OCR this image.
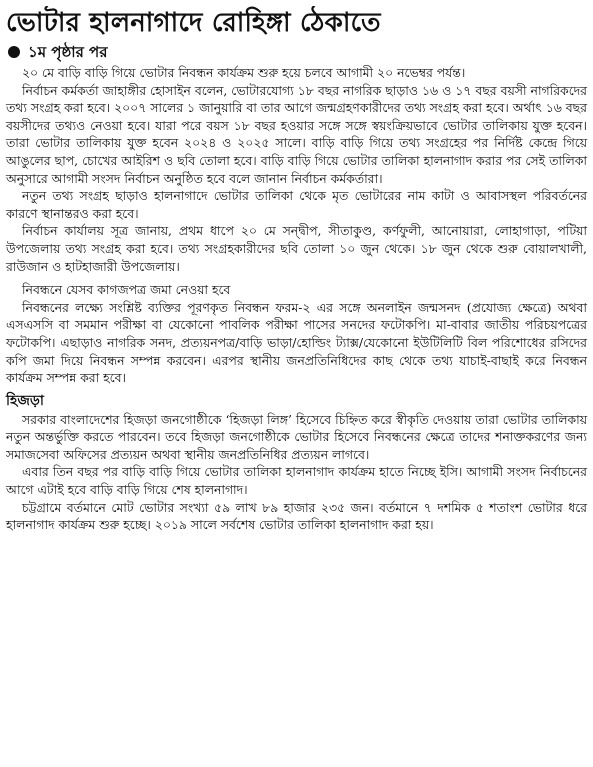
ভোটার হালনাগাদে রোহিঙ্গা ঠেকাতে
১ম পৃষ্ঠার পর

২০ মে বাড়ি বাড়ি গিয়ে ভোটার নিবন্ধন কার্যক্রম শুরু হয়ে চলবে আগামী ২০ নভেম্বর পর্যন্ত।

নির্বাচন কর্মকর্তা জাহাঙ্গীর হোসাইন বলেন, ভোটারযোগ্য ১৮ বছর নাগরিক ছাড়াও ১৬ ও ১৭ বছর বয়সী নাগরিকদের তথ্য সংগ্রহ করা হবে। ২০০৭ সালের ১ জানুয়ারি বা তার আগে জন্মগ্রহণকারীদের তথ্য সংগ্রহ করা হবে। অর্থাৎ ১৬ বছর বয়সীদের তথ্যও নেওয়া হবে। যারা পরে বয়স ১৮ বছর হওয়ার সঙ্গে সঙ্গে স্বয়ংক্রিয়ভাবে ভোটার তালিকায় যুক্ত হবেন। তারা ভোটার তালিকায় যুক্ত হবেন ২০২৪ ও ২০২৫ সালে। বাড়ি বাড়ি গিয়ে তথ্য সংগ্রহের পর নির্দিষ্ট কেন্দ্রে গিয়ে আঙুলের ছাপ, চোখের আইরিশ ও ছবি তোলা হবে। বাড়ি বাড়ি গিয়ে ভোটার তালিকা হালনাগাদ করার পর সেই তালিকা অনুসারে আগামী সংসদ নির্বাচন অনুষ্ঠিত হবে বলে জানান নির্বাচন কর্মকর্তারা।

নতুন তথ্য সংগ্রহ ছাড়াও হালনাগাদে ভোটার তালিকা থেকে মৃত ভোটারের নাম কাটা ও আবাসস্থল পরিবর্তনের কারণে স্থানান্তরও করা হবে।

নির্বাচন কার্যালয় সূত্র জানায়, প্রথম ধাপে ২০ মে সন্দ্বীপ, সীতাকুণ্ড, কর্ণফুলী, আনোয়ারা, লোহাগাড়া, পটিয়া উপজেলায় তথ্য সংগ্রহ করা হবে। তথ্য সংগ্রহকারীদের ছবি তোলা ১০ জুন থেকে। ১৮ জুন থেকে শুরু বোয়ালখালী, রাউজান ও হাটহাজারী উপজেলায়।

নিবন্ধনে যেসব কাগজপত্র জমা নেওয়া হবে

নিবন্ধনের লক্ষ্যে সংশ্লিষ্ট ব্যক্তির পূরণকৃত নিবন্ধন ফরম-২ এর সঙ্গে অনলাইন জন্মসনদ (প্রযোজ্য ক্ষেত্রে) অথবা এসএসসি বা সমমান পরীক্ষা বা যেকোনো পাবলিক পরীক্ষা পাসের সনদের ফটোকপি। মা-বাবার জাতীয় পরিচয়পত্রের ফটোকপি। এছাড়াও নাগরিক সনদ, প্রত্যয়নপত্র/বাড়ি ভাড়া/হোল্ডিং ট্যাক্স/যেকোনো ইউটিলিটি বিল পরিশোধের রসিদের কপি জমা দিয়ে নিবন্ধন সম্পন্ন করবেন। এরপর স্থানীয় জনপ্রতিনিধিদের কাছ থেকে তথ্য যাচাই-বাছাই করে নিবন্ধন কার্যক্রম সম্পন্ন করা হবে।

হিজড়া

সরকার বাংলাদেশের হিজড়া জনগোষ্ঠীকে ‘হিজড়া লিঙ্গ’ হিসেবে চিহ্নিত করে স্বীকৃতি দেওয়ায় তারা ভোটার তালিকায় নতুন অন্তর্ভুক্তি করতে পারবেন। তবে হিজড়া জনগোষ্ঠীকে ভোটার হিসেবে নিবন্ধনের ক্ষেত্রে তাদের শনাক্তকরণের জন্য সমাজসেবা অফিসের প্রত্যয়ন অথবা স্থানীয় জনপ্রতিনিধির প্রত্যয়ন লাগবে।

এবার তিন বছর পর বাড়ি বাড়ি গিয়ে ভোটার তালিকা হালনাগাদ কার্যক্রম হাতে নিচ্ছে ইসি। আগামী সংসদ নির্বাচনের আগে এটাই হবে বাড়ি বাড়ি গিয়ে শেষ হালনাগাদ।

চট্টগ্রামে বর্তমানে মোট ভোটার সংখ্যা ৫৯ লাখ ৮৯ হাজার ২৩৫ জন। বর্তমানে ৭ দশমিক ৫ শতাংশ ভোটার ধরে হালনাগাদ কার্যক্রম শুরু হচ্ছে। ২০১৯ সালে সর্বশেষ ভোটার তালিকা হালনাগাদ করা হয়।
